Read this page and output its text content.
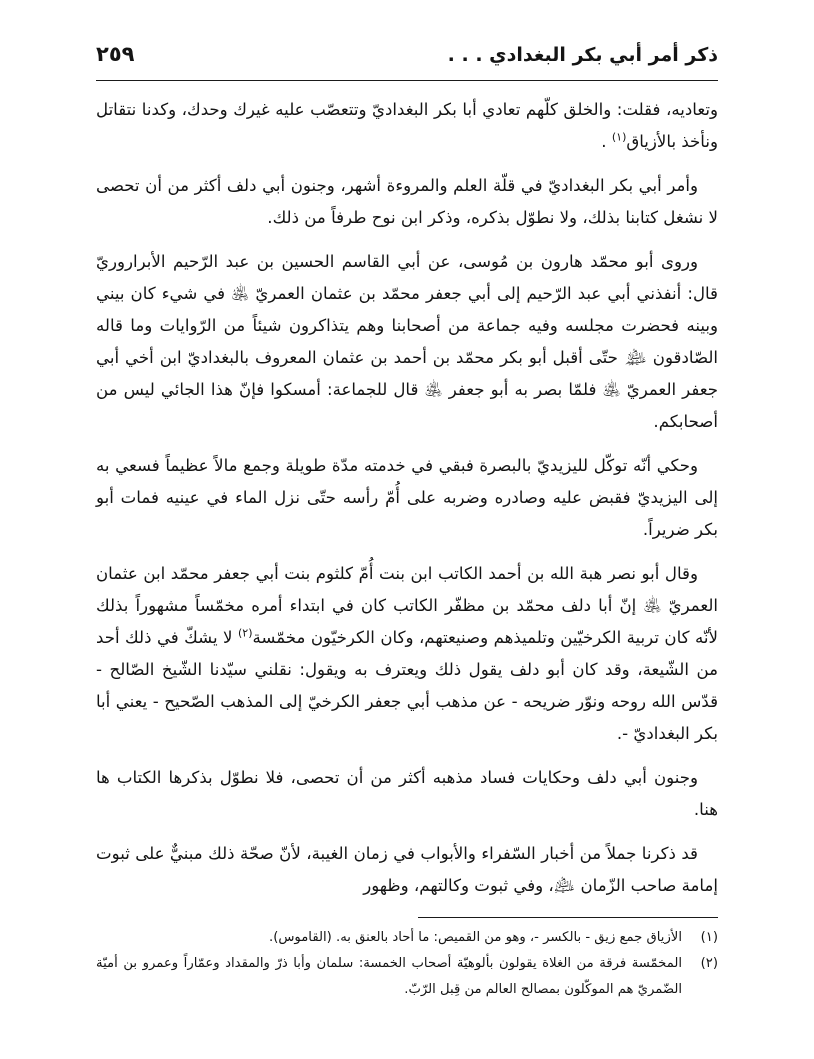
ذكر أمر أبي بكر البغدادي . . .
٢٥٩

وتعاديه، فقلت: والخلق كلّهم تعادي أبا بكر البغداديّ وتتعصّب عليه غيرك وحدك، وكدنا نتقاتل ونأخذ بالأزياق$^{(١)}$ .

وأمر أبي بكر البغداديّ في قلّة العلم والمروءة أشهر، وجنون أبي دلف أكثر من أن تحصى لا نشغل كتابنا بذلك، ولا نطوّل بذكره، وذكر ابن نوح طرفاً من ذلك.

وروى أبو محمّد هارون بن مُوسى، عن أبي القاسم الحسين بن عبد الرّحيم الأبراروريّ قال: أنفذني أبي عبد الرّحيم إلى أبي جعفر محمّد بن عثمان العمريّ ﵁ في شيء كان بيني وبينه فحضرت مجلسه وفيه جماعة من أصحابنا وهم يتذاكرون شيئاً من الرّوايات وما قاله الصّادقون ﵈ حتّى أقبل أبو بكر محمّد بن أحمد بن عثمان المعروف بالبغداديّ ابن أخي أبي جعفر العمريّ ﵁ فلمّا بصر به أبو جعفر ﵁ قال للجماعة: أمسكوا فإنّ هذا الجائي ليس من أصحابكم.

وحكي أنّه توكّل لليزيديّ بالبصرة فبقي في خدمته مدّة طويلة وجمع مالاً عظيماً فسعي به إلى اليزيديّ فقبض عليه وصادره وضربه على أُمّ رأسه حتّى نزل الماء في عينيه فمات أبو بكر ضريراً.

وقال أبو نصر هبة الله بن أحمد الكاتب ابن بنت أُمّ كلثوم بنت أبي جعفر محمّد ابن عثمان العمريّ ﵁ إنّ أبا دلف محمّد بن مظفّر الكاتب كان في ابتداء أمره مخمّساً مشهوراً بذلك لأنّه كان تربية الكرخيّين وتلميذهم وصنيعتهم، وكان الكرخيّون مخمّسة$^{(٢)}$ لا يشكّ في ذلك أحد من الشّيعة، وقد كان أبو دلف يقول ذلك ويعترف به ويقول: نقلني سيّدنا الشّيخ الصّالح - قدّس الله روحه ونوّر ضريحه - عن مذهب أبي جعفر الكرخيّ إلى المذهب الصّحيح - يعني أبا بكر البغداديّ -.

وجنون أبي دلف وحكايات فساد مذهبه أكثر من أن تحصى، فلا نطوّل بذكرها الكتاب ها هنا.

قد ذكرنا جملاً من أخبار السّفراء والأبواب في زمان الغيبة، لأنّ صحّة ذلك مبنيٌّ على ثبوت إمامة صاحب الزّمان ﵇، وفي ثبوت وكالتهم، وظهور

(١)
الأزياق جمع زيق - بالكسر -، وهو من القميص: ما أحاد بالعنق به. (القاموس).
(٢)
المخمّسة فرقة من الغلاة يقولون بألوهيّة أصحاب الخمسة: سلمان وأبا ذرّ والمقداد وعمّاراً وعمرو بن أميّة الضّمريّ هم الموكّلون بمصالح العالم من قِبل الرّبّ.
